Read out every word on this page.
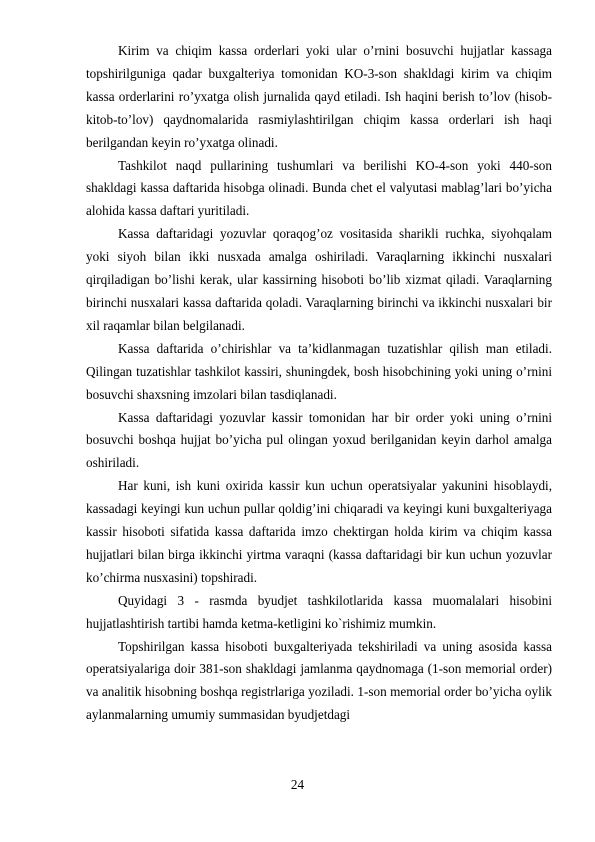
Kirim va chiqim kassa orderlari yoki ular o’rnini bosuvchi hujjatlar kassaga topshirilguniga qadar buxgalteriya tomonidan KO-3-son shakldagi kirim va chiqim kassa orderlarini ro’yxatga olish jurnalida qayd etiladi. Ish haqini berish to’lov (hisob-kitob-to’lov) qaydnomalarida rasmiylashtirilgan chiqim kassa orderlari ish haqi berilgandan keyin ro’yxatga olinadi.

Tashkilot naqd pullarining tushumlari va berilishi KO-4-son yoki 440-son shakldagi kassa daftarida hisobga olinadi. Bunda chet el valyutasi mablag’lari bo’yicha alohida kassa daftari yuritiladi.

Kassa daftaridagi yozuvlar qoraqog’oz vositasida sharikli ruchka, siyohqalam yoki siyoh bilan ikki nusxada amalga oshiriladi. Varaqlarning ikkinchi nusxalari qirqiladigan bo’lishi kerak, ular kassirning hisoboti bo’lib xizmat qiladi. Varaqlarning birinchi nusxalari kassa daftarida qoladi. Varaqlarning birinchi va ikkinchi nusxalari bir xil raqamlar bilan belgilanadi.

Kassa daftarida o’chirishlar va ta’kidlanmagan tuzatishlar qilish man etiladi. Qilingan tuzatishlar tashkilot kassiri, shuningdek, bosh hisobchining yoki uning o’rnini bosuvchi shaxsning imzolari bilan tasdiqlanadi.

Kassa daftaridagi yozuvlar kassir tomonidan har bir order yoki uning o’rnini bosuvchi boshqa hujjat bo’yicha pul olingan yoxud berilganidan keyin darhol amalga oshiriladi.

Har kuni, ish kuni oxirida kassir kun uchun operatsiyalar yakunini hisoblaydi, kassadagi keyingi kun uchun pullar qoldig’ini chiqaradi va keyingi kuni buxgalteriyaga kassir hisoboti sifatida kassa daftarida imzo chektirgan holda kirim va chiqim kassa hujjatlari bilan birga ikkinchi yirtma varaqni (kassa daftaridagi bir kun uchun yozuvlar ko’chirma nusxasini) topshiradi.

Quyidagi 3 - rasmda byudjet tashkilotlarida kassa muomalalari hisobini hujjatlashtirish tartibi hamda ketma-ketligini ko`rishimiz mumkin.

Topshirilgan kassa hisoboti buxgalteriyada tekshiriladi va uning asosida kassa operatsiyalariga doir 381-son shakldagi jamlanma qaydnomaga (1-son memorial order) va analitik hisobning boshqa registrlariga yoziladi. 1-son memorial order bo’yicha oylik aylanmalarning umumiy summasidan byudjetdagi

24
